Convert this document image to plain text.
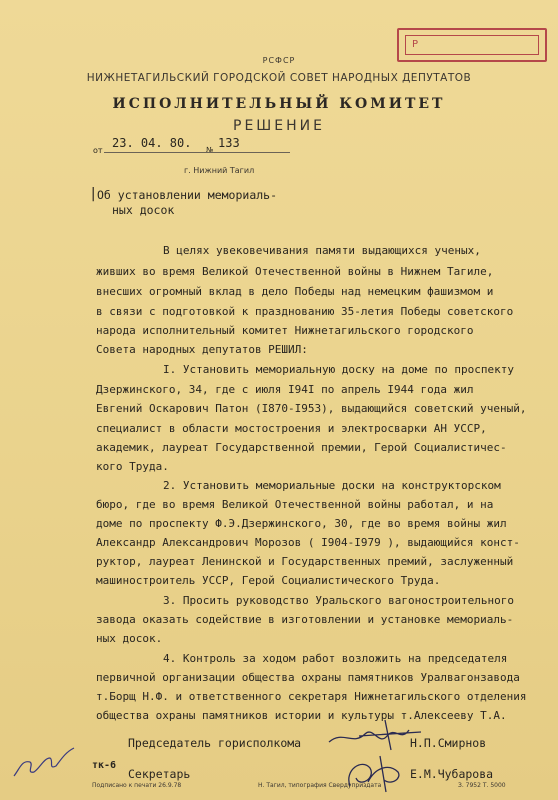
Р
РСФСР
НИЖНЕТАГИЛЬСКИЙ ГОРОДСКОЙ СОВЕТ НАРОДНЫХ ДЕПУТАТОВ
ИСПОЛНИТЕЛЬНЫЙ КОМИТЕТ
РЕШЕНИЕ
от
23. 04. 80. № 133
г. Нижний Тагил
| Об установлении мемориаль-
ных досок
В целях увековечивания памяти выдающихся ученых,
живших во время Великой Отечественной войны в Нижнем Тагиле,
внесших огромный вклад в дело Победы над немецким фашизмом и
в связи с подготовкой к празднованию 35-летия Победы советского
народа исполнительный комитет Нижнетагильского городского
Совета народных депутатов РЕШИЛ:
I. Установить мемориальную доску на доме по проспекту
Дзержинского, 34, где с июля I94I по апрель I944 года жил
Евгений Оскарович Патон (I870-I953), выдающийся советский ученый,
специалист в области мостостроения и электросварки АН УССР,
академик, лауреат Государственной премии, Герой Социалистичес-
кого Труда.
2. Установить мемориальные доски на конструкторском
бюро, где во время Великой Отечественной войны работал, и на
доме по проспекту Ф.Э.Дзержинского, 30, где во время войны жил
Александр Александрович Морозов ( I904-I979 ), выдающийся конст-
руктор, лауреат Ленинской и Государственных премий, заслуженный
машиностроитель УССР, Герой Социалистического Труда.
3. Просить руководство Уральского вагоностроительного
завода оказать содействие в изготовлении и установке мемориаль-
ных досок.
4. Контроль за ходом работ возложить на председателя
первичной организации общества охраны памятников Уралвагонзавода
т.Борщ Н.Ф. и ответственного секретаря Нижнетагильского отделения
общества охраны памятников истории и культуры т.Алексееву Т.А.
Председатель горисполкома	Н.П.Смирнов
Секретарь	Е.М.Чубарова
тк-6
Подписано к печати 26.9.78	Н. Тагил, типография Свердуприздата	З. 7952 Т. 5000
